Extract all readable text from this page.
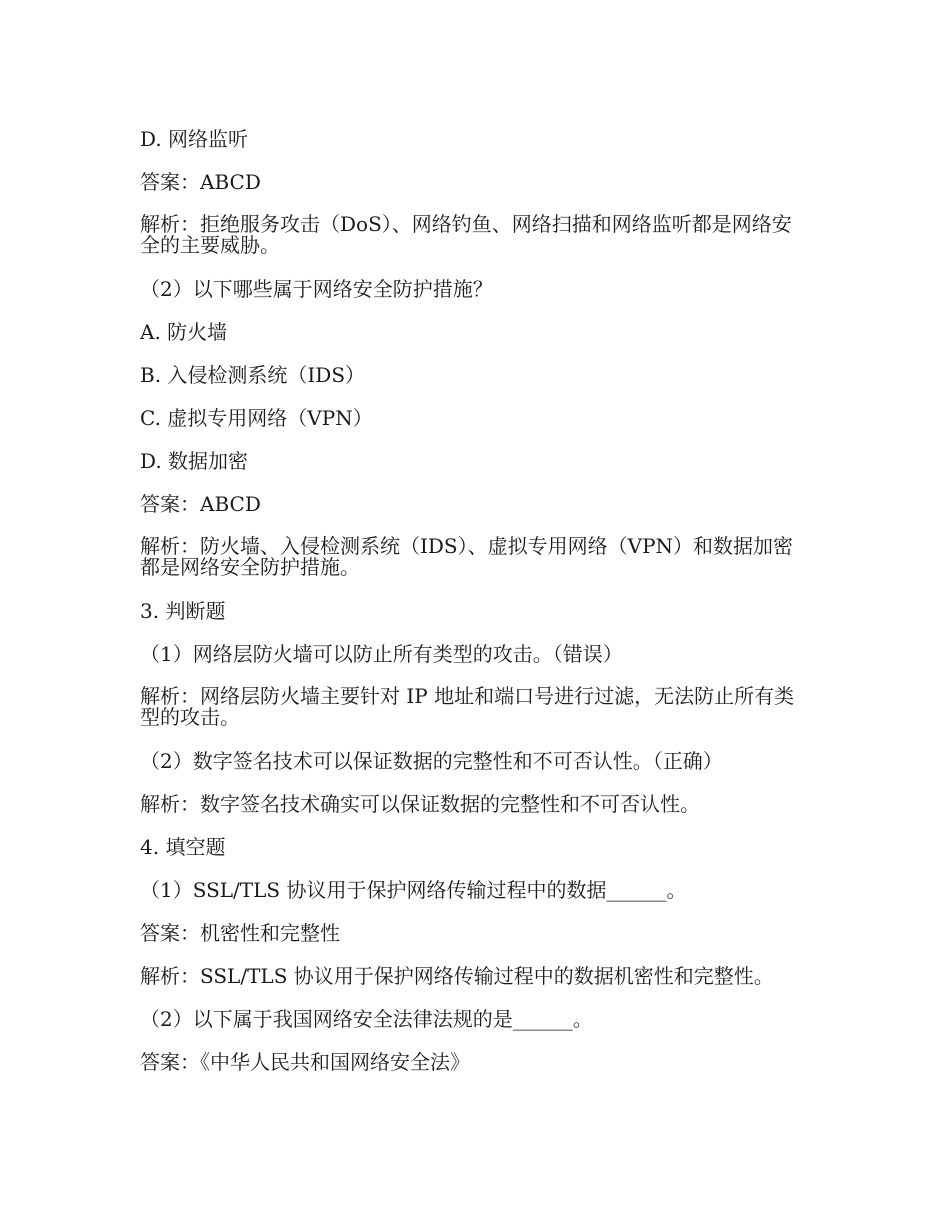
D. 网络监听
答案：ABCD
解析：拒绝服务攻击（DoS）、网络钓鱼、网络扫描和网络监听都是网络安全的主要威胁。
（2）以下哪些属于网络安全防护措施？
A. 防火墙
B. 入侵检测系统（IDS）
C. 虚拟专用网络（VPN）
D. 数据加密
答案：ABCD
解析：防火墙、入侵检测系统（IDS）、虚拟专用网络（VPN）和数据加密都是网络安全防护措施。
3. 判断题
（1）网络层防火墙可以防止所有类型的攻击。（错误）
解析：网络层防火墙主要针对 IP 地址和端口号进行过滤，无法防止所有类型的攻击。
（2）数字签名技术可以保证数据的完整性和不可否认性。（正确）
解析：数字签名技术确实可以保证数据的完整性和不可否认性。
4. 填空题
（1）SSL/TLS 协议用于保护网络传输过程中的数据______。
答案：机密性和完整性
解析：SSL/TLS 协议用于保护网络传输过程中的数据机密性和完整性。
（2）以下属于我国网络安全法律法规的是______。
答案：《中华人民共和国网络安全法》
